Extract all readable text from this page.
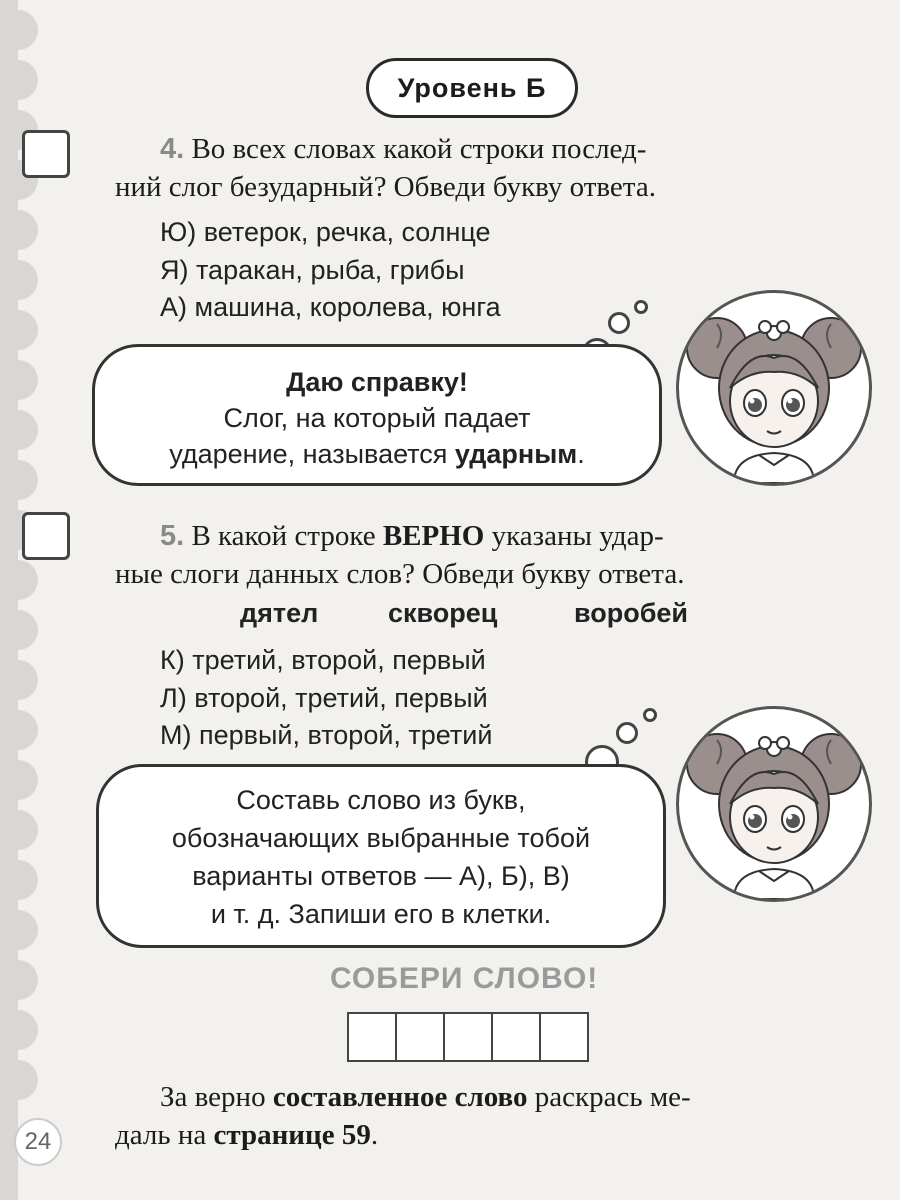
Уровень Б
4. Во всех словах какой строки послед-
ний слог безударный? Обведи букву ответа.
Ю) ветерок, речка, солнце
Я) таракан, рыба, грибы
А) машина, королева, юнга
Даю справку!
Слог, на который падает
ударение, называется ударным.
5. В какой строке ВЕРНО указаны удар-
ные слоги данных слов? Обведи букву ответа.
дятел	скворец	воробей
К) третий, второй, первый
Л) второй, третий, первый
М) первый, второй, третий
Составь слово из букв,
обозначающих выбранные тобой
варианты ответов — А), Б), В)
и т. д. Запиши его в клетки.
СОБЕРИ СЛОВО!
За верно составленное слово раскрась ме-
даль на странице 59.
24
